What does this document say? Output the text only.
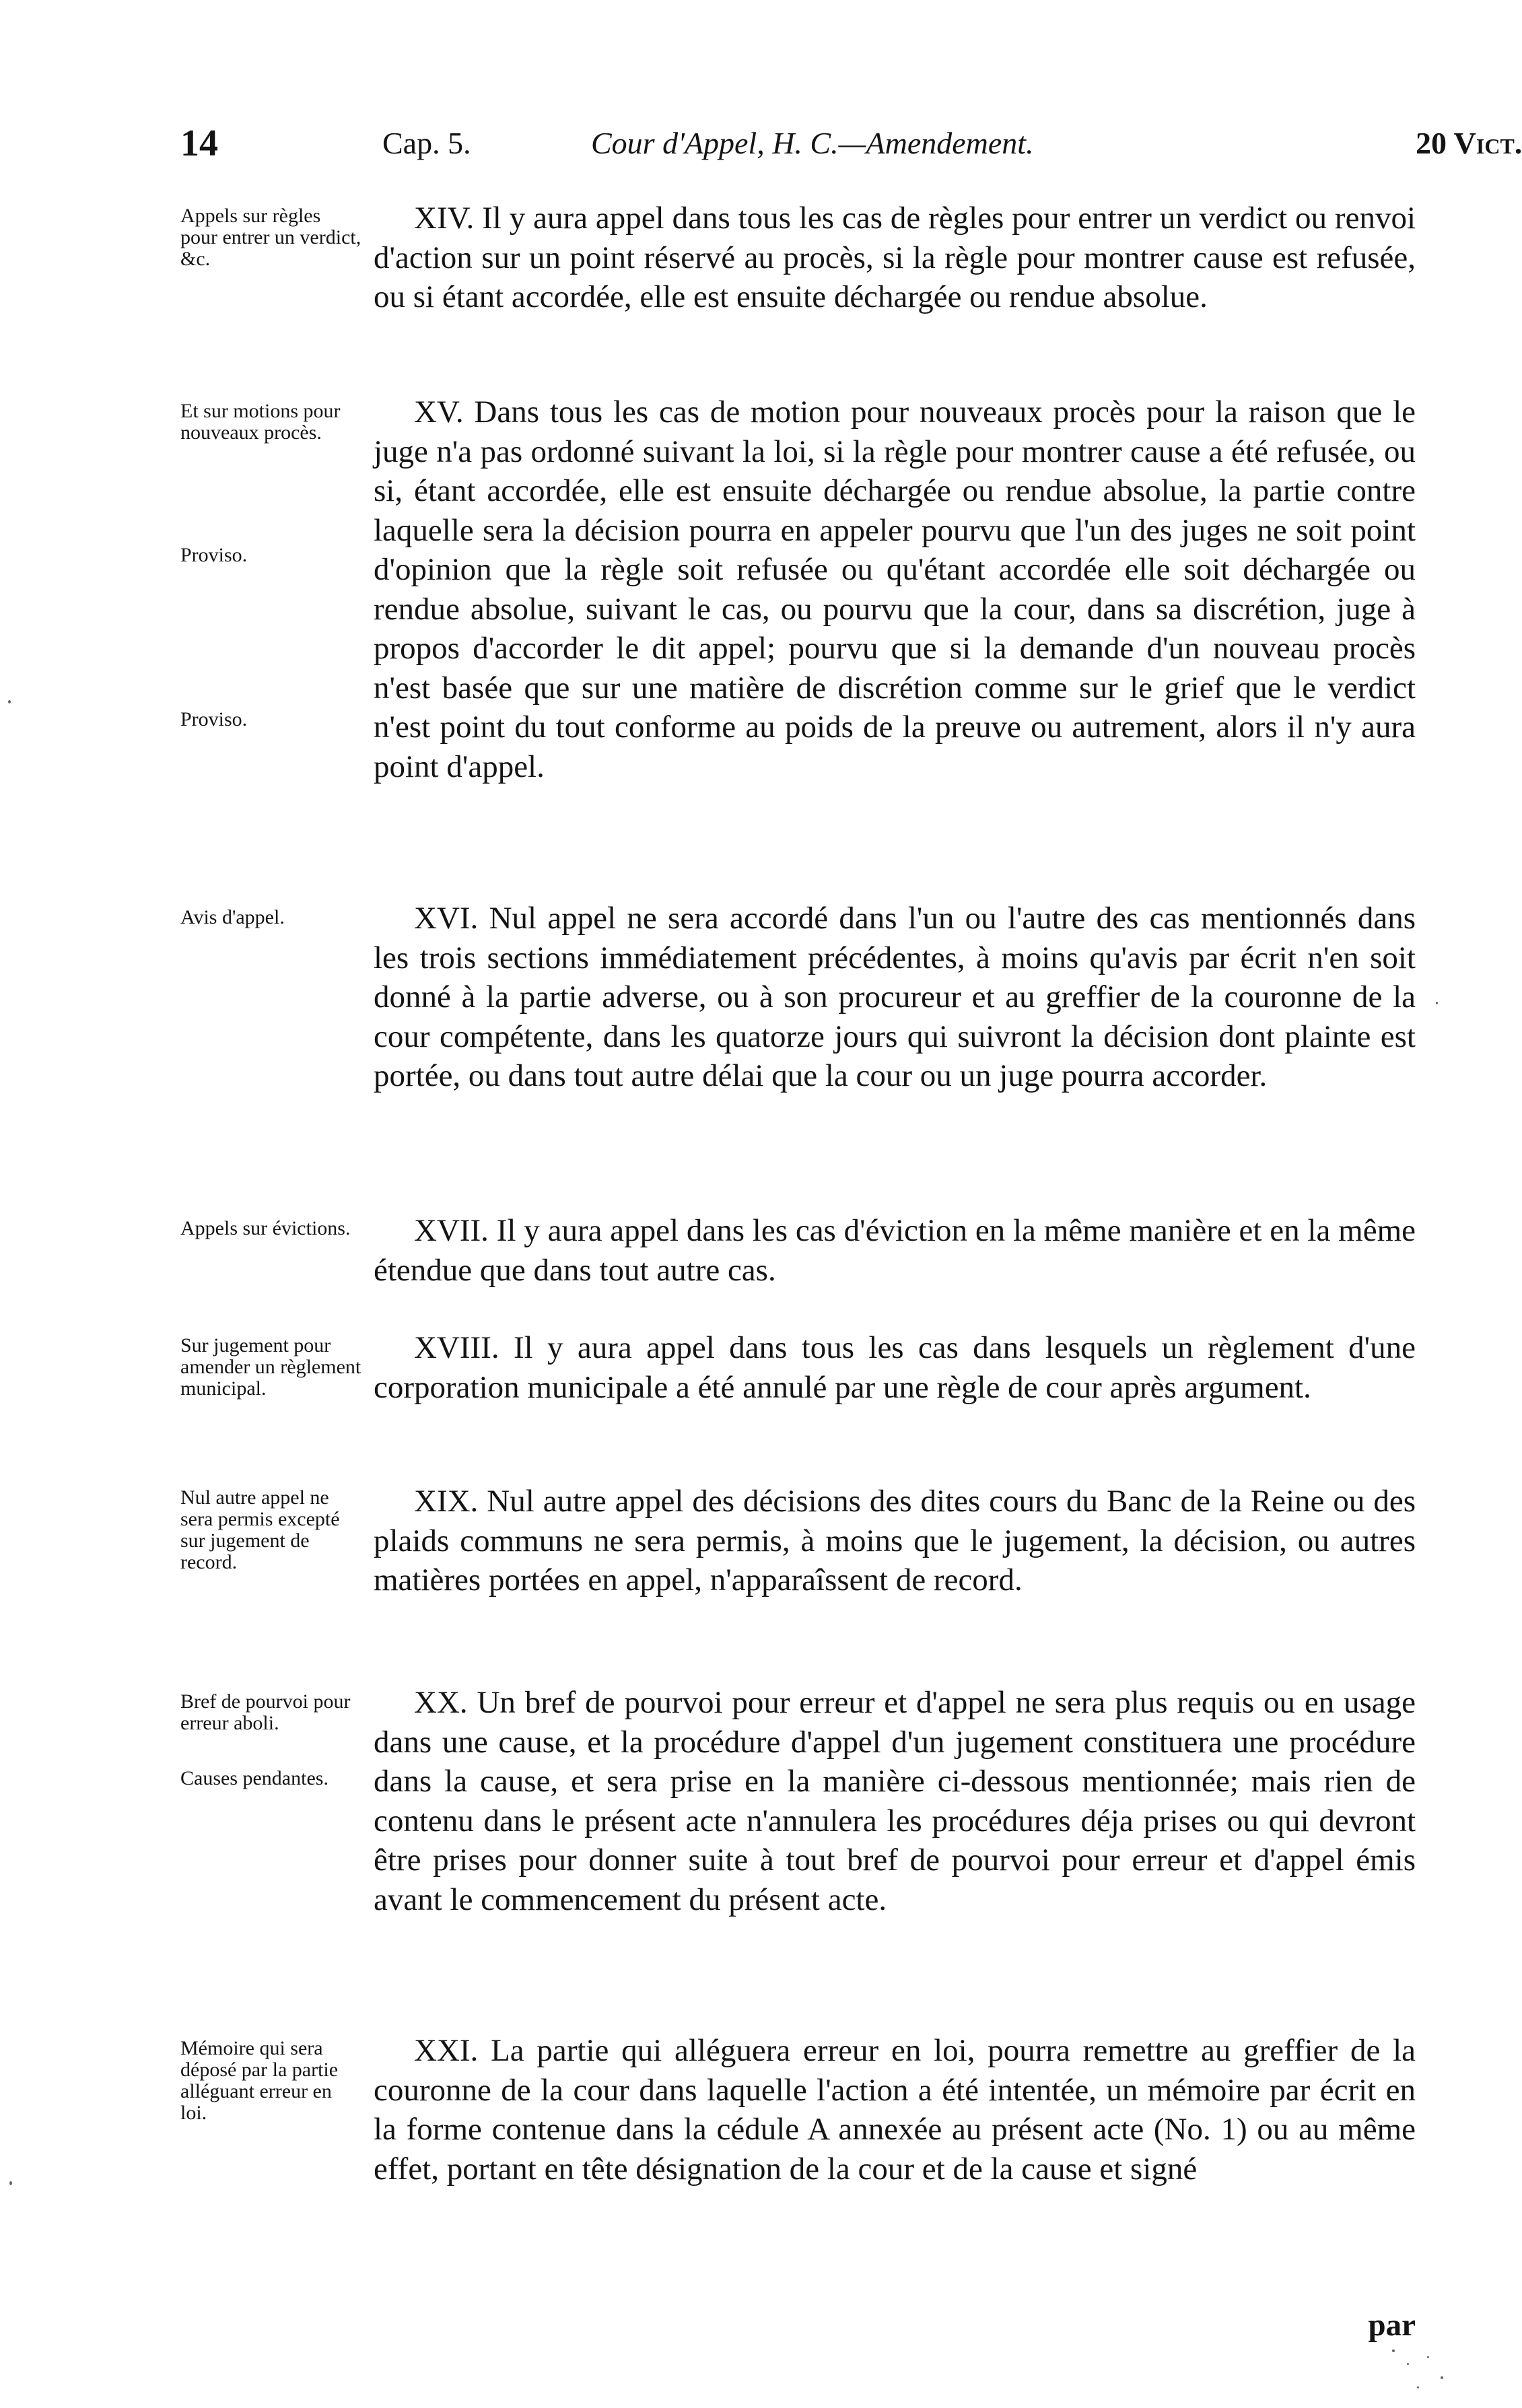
14	Cap. 5.	Cour d'Appel, H. C.—Amendement.	20 Vict.
Appels sur règles pour entrer un verdict, &c.

XIV. Il y aura appel dans tous les cas de règles pour entrer un verdict ou renvoi d'action sur un point réservé au procès, si la règle pour montrer cause est refusée, ou si étant accordée, elle est ensuite déchargée ou rendue absolue.

Et sur motions pour nouveaux procès.
Proviso.
Proviso.

XV. Dans tous les cas de motion pour nouveaux procès pour la raison que le juge n'a pas ordonné suivant la loi, si la règle pour montrer cause a été refusée, ou si, étant accordée, elle est ensuite déchargée ou rendue absolue, la partie contre laquelle sera la décision pourra en appeler pourvu que l'un des juges ne soit point d'opinion que la règle soit refusée ou qu'étant accordée elle soit déchargée ou rendue absolue, suivant le cas, ou pourvu que la cour, dans sa discrétion, juge à propos d'accorder le dit appel; pourvu que si la demande d'un nouveau procès n'est basée que sur une matière de discrétion comme sur le grief que le verdict n'est point du tout conforme au poids de la preuve ou autrement, alors il n'y aura point d'appel.

Avis d'appel.	XVI. Nul appel ne sera accordé dans l'un ou l'autre des cas mentionnés dans les trois sections immédiatement précédentes, à moins qu'avis par écrit n'en soit donné à la partie adverse, ou à son procureur et au greffier de la couronne de la cour compétente, dans les quatorze jours qui suivront la décision dont plainte est portée, ou dans tout autre délai que la cour ou un juge pourra accorder.

Appels sur évictions.	XVII. Il y aura appel dans les cas d'éviction en la même manière et en la même étendue que dans tout autre cas.

Sur jugement pour amender un règlement municipal.

XVIII. Il y aura appel dans tous les cas dans lesquels un règlement d'une corporation municipale a été annulé par une règle de cour après argument.

Nul autre appel ne sera permis excepté sur jugement de record.

XIX. Nul autre appel des décisions des dites cours du Banc de la Reine ou des plaids communs ne sera permis, à moins que le jugement, la décision, ou autres matières portées en appel, n'apparaîssent de record.

Bref de pourvoi pour erreur aboli.
Causes pendantes.

XX. Un bref de pourvoi pour erreur et d'appel ne sera plus requis ou en usage dans une cause, et la procédure d'appel d'un jugement constituera une procédure dans la cause, et sera prise en la manière ci-dessous mentionnée; mais rien de contenu dans le présent acte n'annulera les procédures déja prises ou qui devront être prises pour donner suite à tout bref de pourvoi pour erreur et d'appel émis avant le commencement du présent acte.

Mémoire qui sera déposé par la partie alléguant erreur en loi.

XXI. La partie qui alléguera erreur en loi, pourra remettre au greffier de la couronne de la cour dans laquelle l'action a été intentée, un mémoire par écrit en la forme contenue dans la cédule A annexée au présent acte (No. 1) ou au même effet, portant en tête désignation de la cour et de la cause et signé

par
